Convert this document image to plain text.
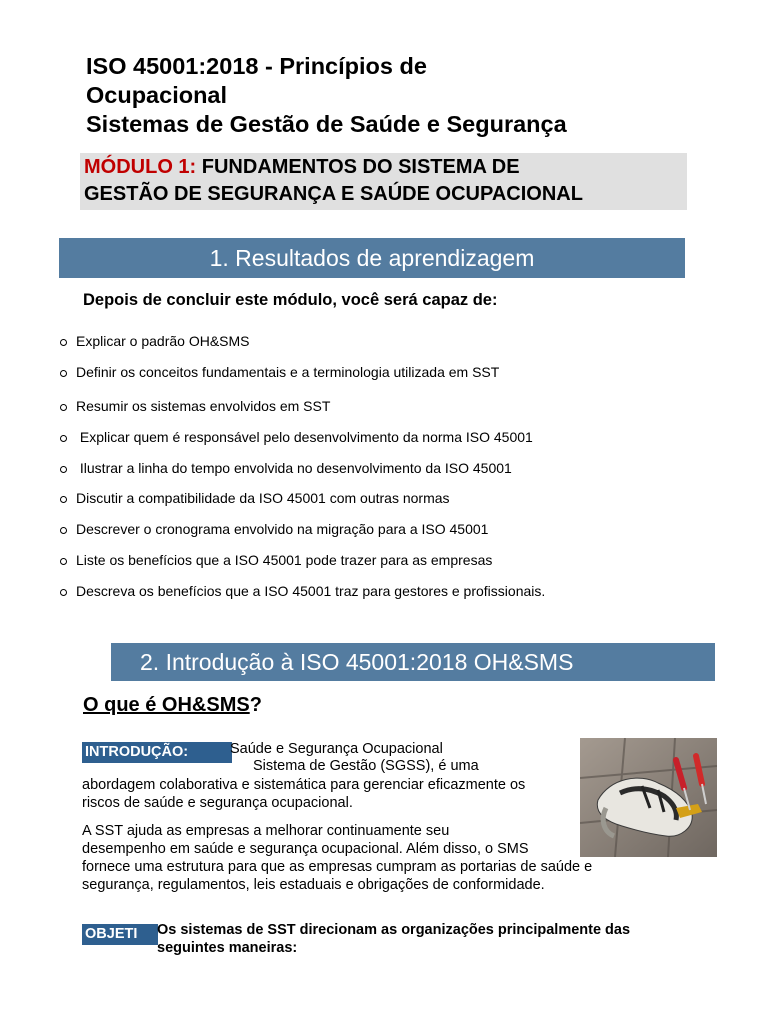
ISO 45001:2018 - Princípios de
Ocupacional
Sistemas de Gestão de Saúde e Segurança
MÓDULO 1: FUNDAMENTOS DO SISTEMA DE
GESTÃO DE SEGURANÇA E SAÚDE OCUPACIONAL
1. Resultados de aprendizagem
Depois de concluir este módulo, você será capaz de:
Explicar o padrão OH&SMS
Definir os conceitos fundamentais e a terminologia utilizada em SST
Resumir os sistemas envolvidos em SST
Explicar quem é responsável pelo desenvolvimento da norma ISO 45001
Ilustrar a linha do tempo envolvida no desenvolvimento da ISO 45001
Discutir a compatibilidade da ISO 45001 com outras normas
Descrever o cronograma envolvido na migração para a ISO 45001
Liste os benefícios que a ISO 45001 pode trazer para as empresas
Descreva os benefícios que a ISO 45001 traz para gestores e profissionais.
2. Introdução à ISO 45001:2018 OH&SMS
O que é OH&SMS?
INTRODUÇÃO:	Saúde e Segurança Ocupacional
Sistema de Gestão (SGSS), é uma
abordagem colaborativa e sistemática para gerenciar eficazmente os
riscos de saúde e segurança ocupacional.
A SST ajuda as empresas a melhorar continuamente seu
desempenho em saúde e segurança ocupacional. Além disso, o SMS
fornece uma estrutura para que as empresas cumpram as portarias de saúde e
segurança, regulamentos, leis estaduais e obrigações de conformidade.
OBJETI	Os sistemas de SST direcionam as organizações principalmente das
seguintes maneiras:
